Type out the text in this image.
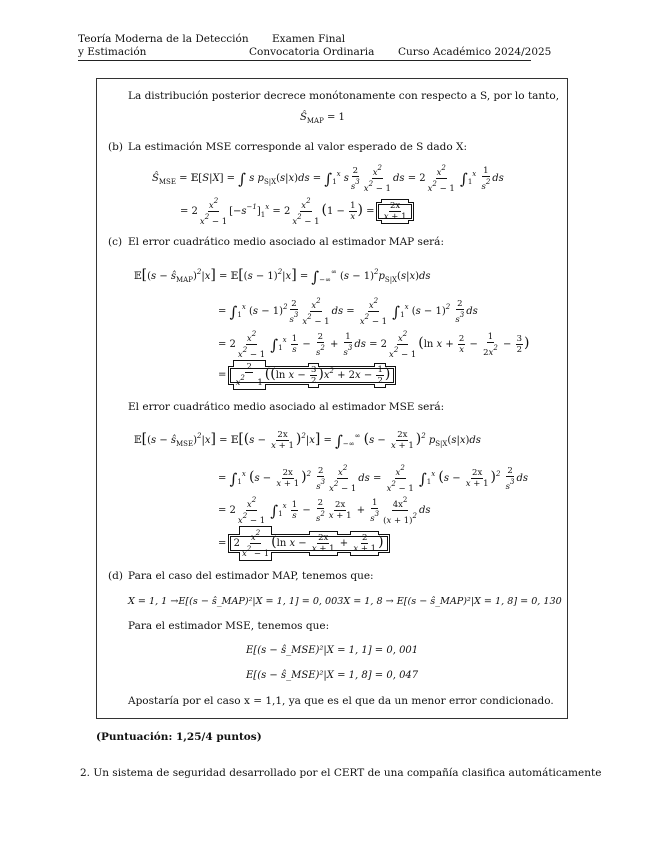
Teoría Moderna de la Detección
y Estimación
Examen Final
Convocatoria Ordinaria Curso Académico 2024/2025
La distribución posterior decrece monótonamente con respecto a S, por lo tanto,
$Ŝ_{MAP} = 1$
(b) La estimación MSE corresponde al valor esperado de S dado X:
$Ŝ_{MSE}$ = 𝔼[S|X] = ∫ s $p_{S|X}(s|x)ds = \int_1^x$ s $\frac{2}{s^3} \frac{x^2}{x^2 - 1}$ ds = $2 \frac{x^2}{x^2 - 1} \int_1^x \frac{1}{s^2}$ ds
= $2 \frac{x^2}{x^2 - 1} [-s^{-1}]_1^x = 2 \frac{x^2}{x^2 - 1} (1 - \frac{1}{x}$ ) = $\frac{2x}{x + 1}$
(c) El error cuadrático medio asociado al estimador MAP será:
𝔼[(s − $ŝ_{MAP})^2|x$] = 𝔼[(s − $1)^2|x] = \int_{-\infty}^\infty$ $(s - 1)^2p_{S|X}(s|x)ds$
= $\int_1^x$ $(s - 1)^2 \frac{2}{s^3} \frac{x^2}{x^2 - 1}$ ds = $\frac{x^2}{x^2 - 1} \int_1^x$ $(s - 1)^2 \frac{2}{s^3}$ ds
= $2 \frac{x^2}{x^2 - 1} \int_1^x \frac{1}{s} - \frac{2}{s^2} + \frac{1}{s^3}$ ds = $2 \frac{x^2}{x^2 - 1} (\ln$ $x + \frac{2}{x} - \frac{1}{2x^2} - \frac{3}{2}$ )
= $\frac{2}{x^2 - 1} ((\ln$ $x - \frac{3}{2} )x^2 + 2x - \frac{1}{2}$ )
El error cuadrático medio asociado al estimador MSE será:
𝔼[(s − $ŝ_{MSE})^2|x$] = 𝔼[(s − $\frac{2x}{x + 1} )^2|x] = \int_{-\infty}^\infty$ $(s - \frac{2x}{x + 1} )^2$ $p_{S|X}(s|x)ds$
= $\int_1^x$ $(s - \frac{2x}{x + 1} )^2 \frac{2}{s^3} \frac{x^2}{x^2 - 1}$ ds = $\frac{x^2}{x^2 - 1} \int_1^x$ $(s - \frac{2x}{x + 1} )^2 \frac{2}{s^3}$ ds
= $2 \frac{x^2}{x^2 - 1} \int_1^x \frac{1}{s} - \frac{2}{s^2} \frac{2x}{x + 1} + \frac{1}{s^3} \frac{4x^2}{(x + 1)^2}$ ds
= $2 \frac{x^2}{x^2 - 1} (\ln$ $x - \frac{2x}{x + 1} + \frac{2}{x + 1}$ )
(d) Para el caso del estimador MAP, tenemos que:
X = 1, 1 →E[(s − ŝ_MAP)²|X = 1, 1] = 0, 003X = 1, 8 → E[(s − ŝ_MAP)²|X = 1, 8] = 0, 130
Para el estimador MSE, tenemos que:
E[(s − ŝ_MSE)²|X = 1, 1] = 0, 001
E[(s − ŝ_MSE)²|X = 1, 8] = 0, 047
Apostaría por el caso x = 1,1, ya que es el que da un menor error condicionado.
(Puntuación: 1,25/4 puntos)
2. Un sistema de seguridad desarrollado por el CERT de una compañía clasifica automáticamente
